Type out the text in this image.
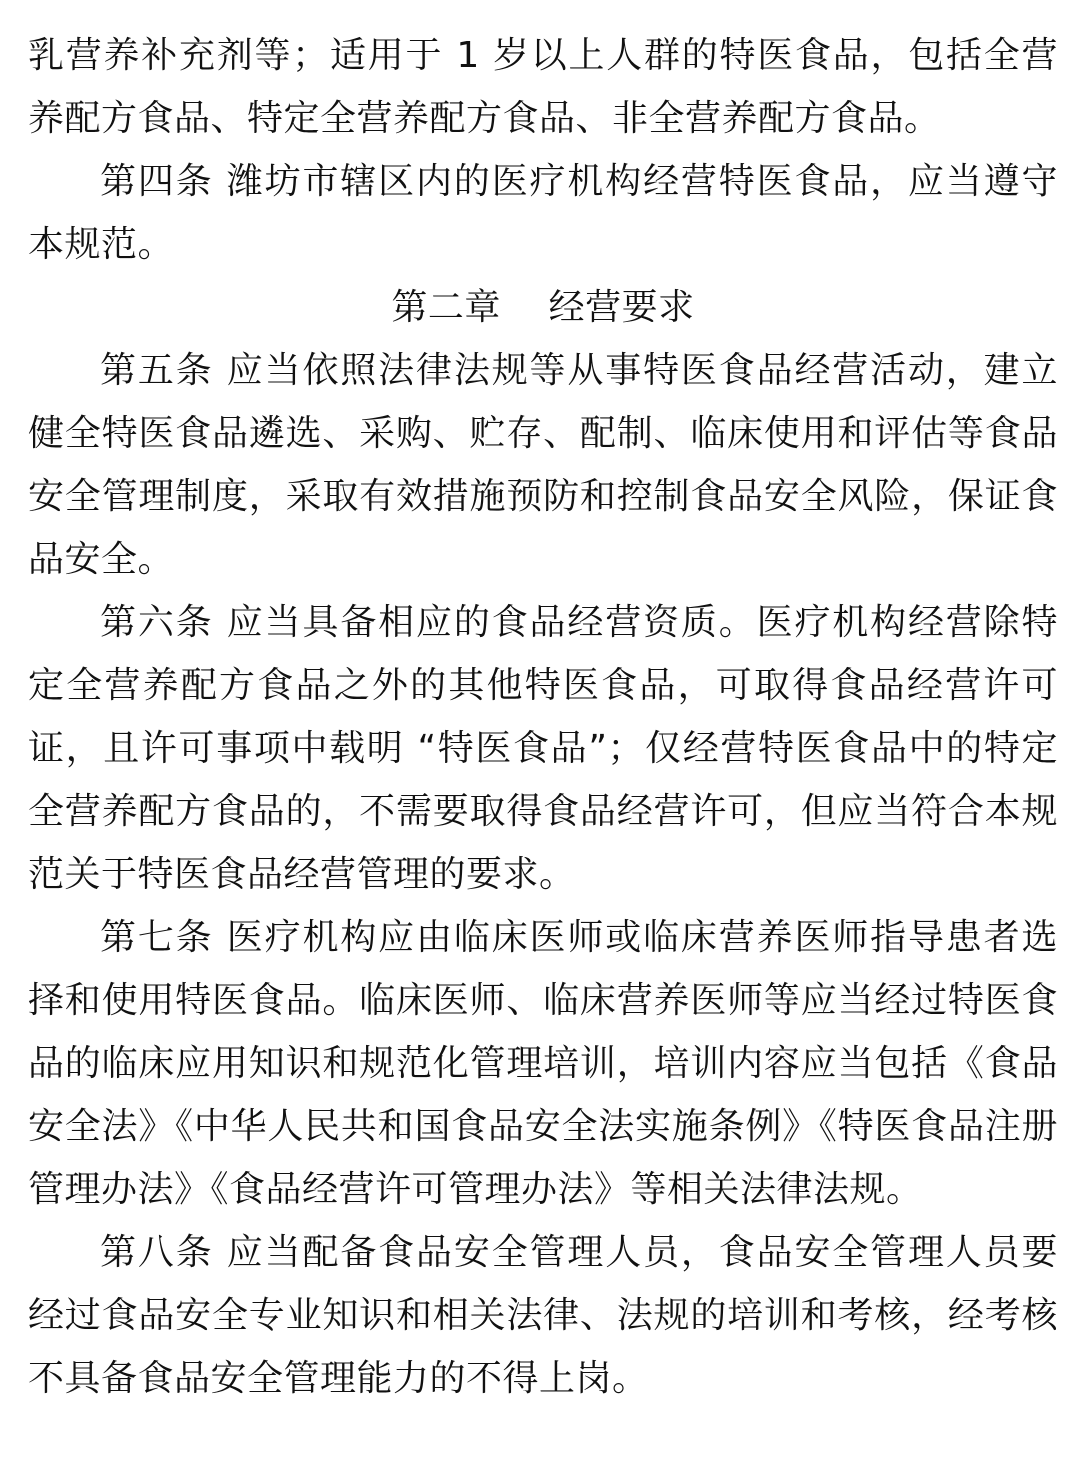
乳营养补充剂等；适用于 1 岁以上人群的特医食品，包括全营养配方食品、特定全营养配方食品、非全营养配方食品。

第四条 潍坊市辖区内的医疗机构经营特医食品，应当遵守本规范。

第二章    经营要求

第五条 应当依照法律法规等从事特医食品经营活动，建立健全特医食品遴选、采购、贮存、配制、临床使用和评估等食品安全管理制度，采取有效措施预防和控制食品安全风险，保证食品安全。

第六条 应当具备相应的食品经营资质。医疗机构经营除特定全营养配方食品之外的其他特医食品，可取得食品经营许可证，且许可事项中载明 “特医食品”；仅经营特医食品中的特定全营养配方食品的，不需要取得食品经营许可，但应当符合本规范关于特医食品经营管理的要求。

第七条 医疗机构应由临床医师或临床营养医师指导患者选择和使用特医食品。临床医师、临床营养医师等应当经过特医食品的临床应用知识和规范化管理培训，培训内容应当包括《食品安全法》《中华人民共和国食品安全法实施条例》《特医食品注册管理办法》《食品经营许可管理办法》等相关法律法规。

第八条 应当配备食品安全管理人员，食品安全管理人员要经过食品安全专业知识和相关法律、法规的培训和考核，经考核不具备食品安全管理能力的不得上岗。
